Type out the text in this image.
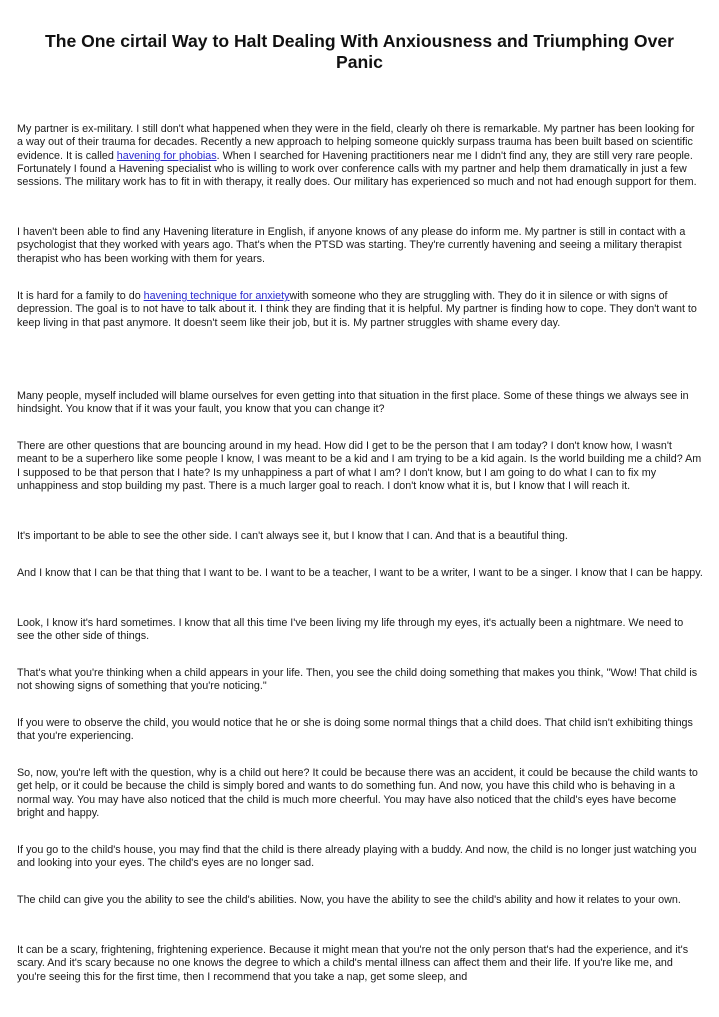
The One cirtail Way to Halt Dealing With Anxiousness and Triumphing Over Panic

My partner is ex-military. I still don't what happened when they were in the field, clearly oh there is remarkable. My partner has been looking for a way out of their trauma for decades. Recently a new approach to helping someone quickly surpass trauma has been built based on scientific evidence. It is called havening for phobias. When I searched for Havening practitioners near me I didn't find any, they are still very rare people. Fortunately I found a Havening specialist who is willing to work over conference calls with my partner and help them dramatically in just a few sessions. The military work has to fit in with therapy, it really does. Our military has experienced so much and not had enough support for them.

I haven't been able to find any Havening literature in English, if anyone knows of any please do inform me. My partner is still in contact with a psychologist that they worked with years ago. That's when the PTSD was starting. They're currently havening and seeing a military therapist therapist who has been working with them for years.

It is hard for a family to do havening technique for anxietywith someone who they are struggling with. They do it in silence or with signs of depression. The goal is to not have to talk about it. I think they are finding that it is helpful. My partner is finding how to cope. They don't want to keep living in that past anymore. It doesn't seem like their job, but it is. My partner struggles with shame every day.

Many people, myself included will blame ourselves for even getting into that situation in the first place. Some of these things we always see in hindsight. You know that if it was your fault, you know that you can change it?

There are other questions that are bouncing around in my head. How did I get to be the person that I am today? I don't know how, I wasn't meant to be a superhero like some people I know, I was meant to be a kid and I am trying to be a kid again. Is the world building me a child? Am I supposed to be that person that I hate? Is my unhappiness a part of what I am? I don't know, but I am going to do what I can to fix my unhappiness and stop building my past. There is a much larger goal to reach. I don't know what it is, but I know that I will reach it.

It's important to be able to see the other side. I can't always see it, but I know that I can. And that is a beautiful thing.

And I know that I can be that thing that I want to be. I want to be a teacher, I want to be a writer, I want to be a singer. I know that I can be happy.

Look, I know it's hard sometimes. I know that all this time I've been living my life through my eyes, it's actually been a nightmare. We need to see the other side of things.

That's what you're thinking when a child appears in your life. Then, you see the child doing something that makes you think, "Wow! That child is not showing signs of something that you're noticing."

If you were to observe the child, you would notice that he or she is doing some normal things that a child does. That child isn't exhibiting things that you're experiencing.

So, now, you're left with the question, why is a child out here? It could be because there was an accident, it could be because the child wants to get help, or it could be because the child is simply bored and wants to do something fun. And now, you have this child who is behaving in a normal way. You may have also noticed that the child is much more cheerful. You may have also noticed that the child's eyes have become bright and happy.

If you go to the child's house, you may find that the child is there already playing with a buddy. And now, the child is no longer just watching you and looking into your eyes. The child's eyes are no longer sad.

The child can give you the ability to see the child's abilities. Now, you have the ability to see the child's ability and how it relates to your own.

It can be a scary, frightening, frightening experience. Because it might mean that you're not the only person that's had the experience, and it's scary. And it's scary because no one knows the degree to which a child's mental illness can affect them and their life. If you're like me, and you're seeing this for the first time, then I recommend that you take a nap, get some sleep, and
